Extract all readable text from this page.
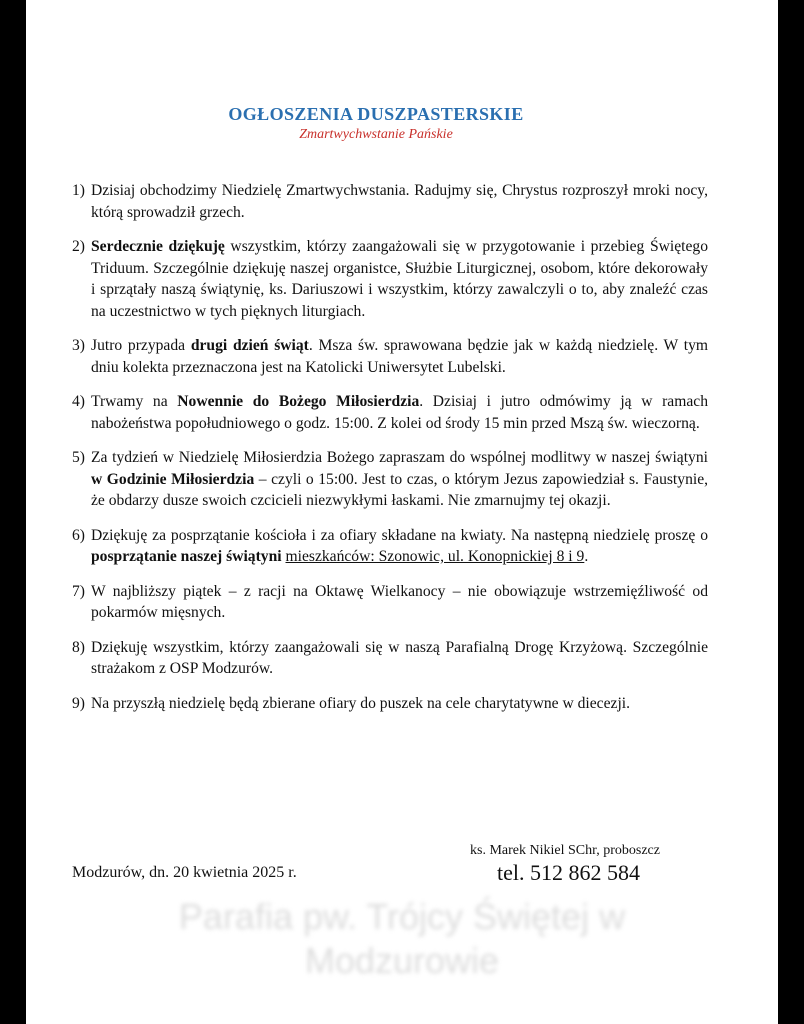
OGŁOSZENIA DUSZPASTERSKIE
Zmartwychwstanie Pańskie
1) Dzisiaj obchodzimy Niedzielę Zmartwychwstania. Radujmy się, Chrystus rozproszył mroki nocy, którą sprowadził grzech.
2) Serdecznie dziękuję wszystkim, którzy zaangażowali się w przygotowanie i przebieg Świętego Triduum. Szczególnie dziękuję naszej organistce, Służbie Liturgicznej, osobom, które dekorowały i sprzątały naszą świątynię, ks. Dariuszowi i wszystkim, którzy zawalczyli o to, aby znaleźć czas na uczestnictwo w tych pięknych liturgiach.
3) Jutro przypada drugi dzień świąt. Msza św. sprawowana będzie jak w każdą niedzielę. W tym dniu kolekta przeznaczona jest na Katolicki Uniwersytet Lubelski.
4) Trwamy na Nowennie do Bożego Miłosierdzia. Dzisiaj i jutro odmówimy ją w ramach nabożeństwa popołudniowego o godz. 15:00. Z kolei od środy 15 min przed Mszą św. wieczorną.
5) Za tydzień w Niedzielę Miłosierdzia Bożego zapraszam do wspólnej modlitwy w naszej świątyni w Godzinie Miłosierdzia – czyli o 15:00. Jest to czas, o którym Jezus zapowiedział s. Faustynie, że obdarzy dusze swoich czcicieli niezwykłymi łaskami. Nie zmarnujmy tej okazji.
6) Dziękuję za posprzątanie kościoła i za ofiary składane na kwiaty. Na następną niedzielę proszę o posprzątanie naszej świątyni mieszkańców: Szonowic, ul. Konopnickiej 8 i 9.
7) W najbliższy piątek – z racji na Oktawę Wielkanocy – nie obowiązuje wstrzemięźliwość od pokarmów mięsnych.
8) Dziękuję wszystkim, którzy zaangażowali się w naszą Parafialną Drogę Krzyżową. Szczególnie strażakom z OSP Modzurów.
9) Na przyszłą niedzielę będą zbierane ofiary do puszek na cele charytatywne w diecezji.
Modzurów, dn. 20 kwietnia 2025 r.
ks. Marek Nikiel SChr, proboszcz
tel. 512 862 584
Parafia pw. Trójcy Świętej w
Modzurowie
